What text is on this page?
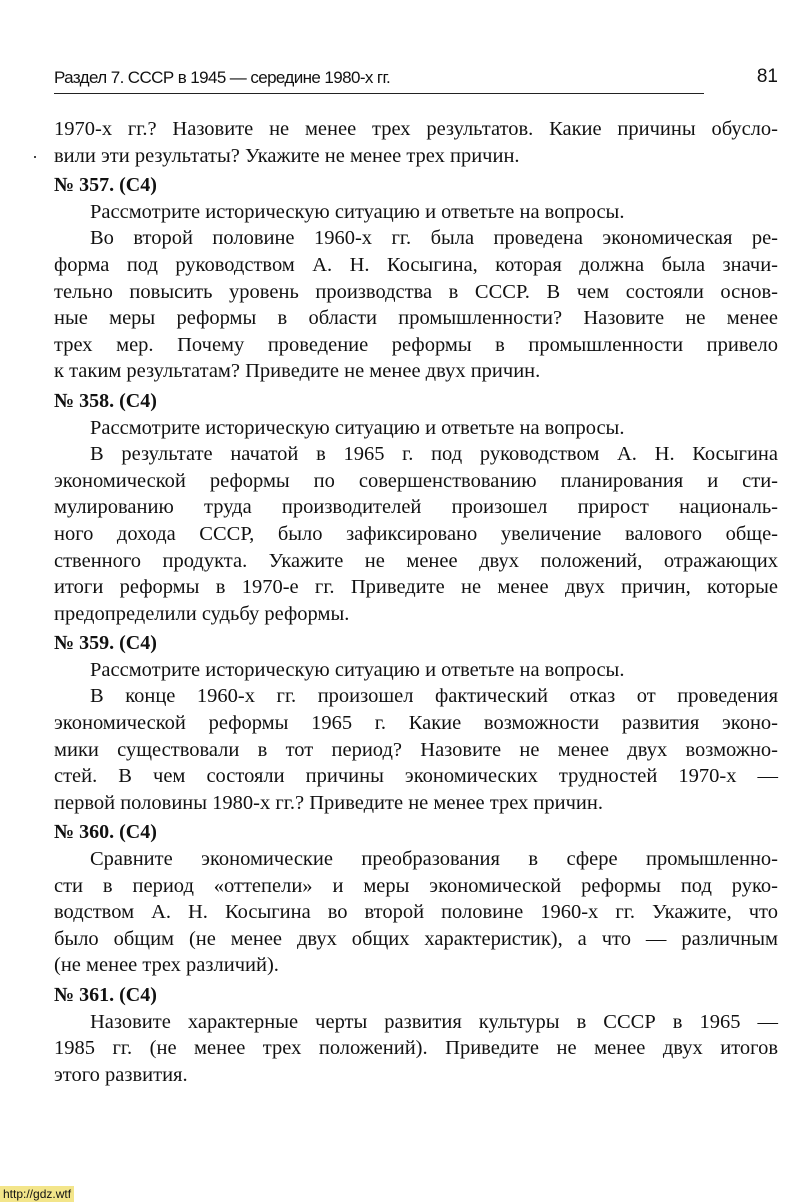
Раздел 7. СССР в 1945 — середине 1980-х гг.	81
1970-х гг.? Назовите не менее трех результатов. Какие причины обусло-
вили эти результаты? Укажите не менее трех причин.
№ 357. (С4)
Рассмотрите историческую ситуацию и ответьте на вопросы.
Во второй половине 1960-х гг. была проведена экономическая ре-
форма под руководством А. Н. Косыгина, которая должна была значи-
тельно повысить уровень производства в СССР. В чем состояли основ-
ные меры реформы в области промышленности? Назовите не менее
трех мер. Почему проведение реформы в промышленности привело
к таким результатам? Приведите не менее двух причин.
№ 358. (С4)
Рассмотрите историческую ситуацию и ответьте на вопросы.
В результате начатой в 1965 г. под руководством А. Н. Косыгина
экономической реформы по совершенствованию планирования и сти-
мулированию труда производителей произошел прирост националь-
ного дохода СССР, было зафиксировано увеличение валового обще-
ственного продукта. Укажите не менее двух положений, отражающих
итоги реформы в 1970-е гг. Приведите не менее двух причин, которые
предопределили судьбу реформы.
№ 359. (С4)
Рассмотрите историческую ситуацию и ответьте на вопросы.
В конце 1960-х гг. произошел фактический отказ от проведения
экономической реформы 1965 г. Какие возможности развития эконо-
мики существовали в тот период? Назовите не менее двух возможно-
стей. В чем состояли причины экономических трудностей 1970-х —
первой половины 1980-х гг.? Приведите не менее трех причин.
№ 360. (С4)
Сравните экономические преобразования в сфере промышленно-
сти в период «оттепели» и меры экономической реформы под руко-
водством А. Н. Косыгина во второй половине 1960-х гг. Укажите, что
было общим (не менее двух общих характеристик), а что — различным
(не менее трех различий).
№ 361. (С4)
Назовите характерные черты развития культуры в СССР в 1965 —
1985 гг. (не менее трех положений). Приведите не менее двух итогов
этого развития.
http://gdz.wtf
